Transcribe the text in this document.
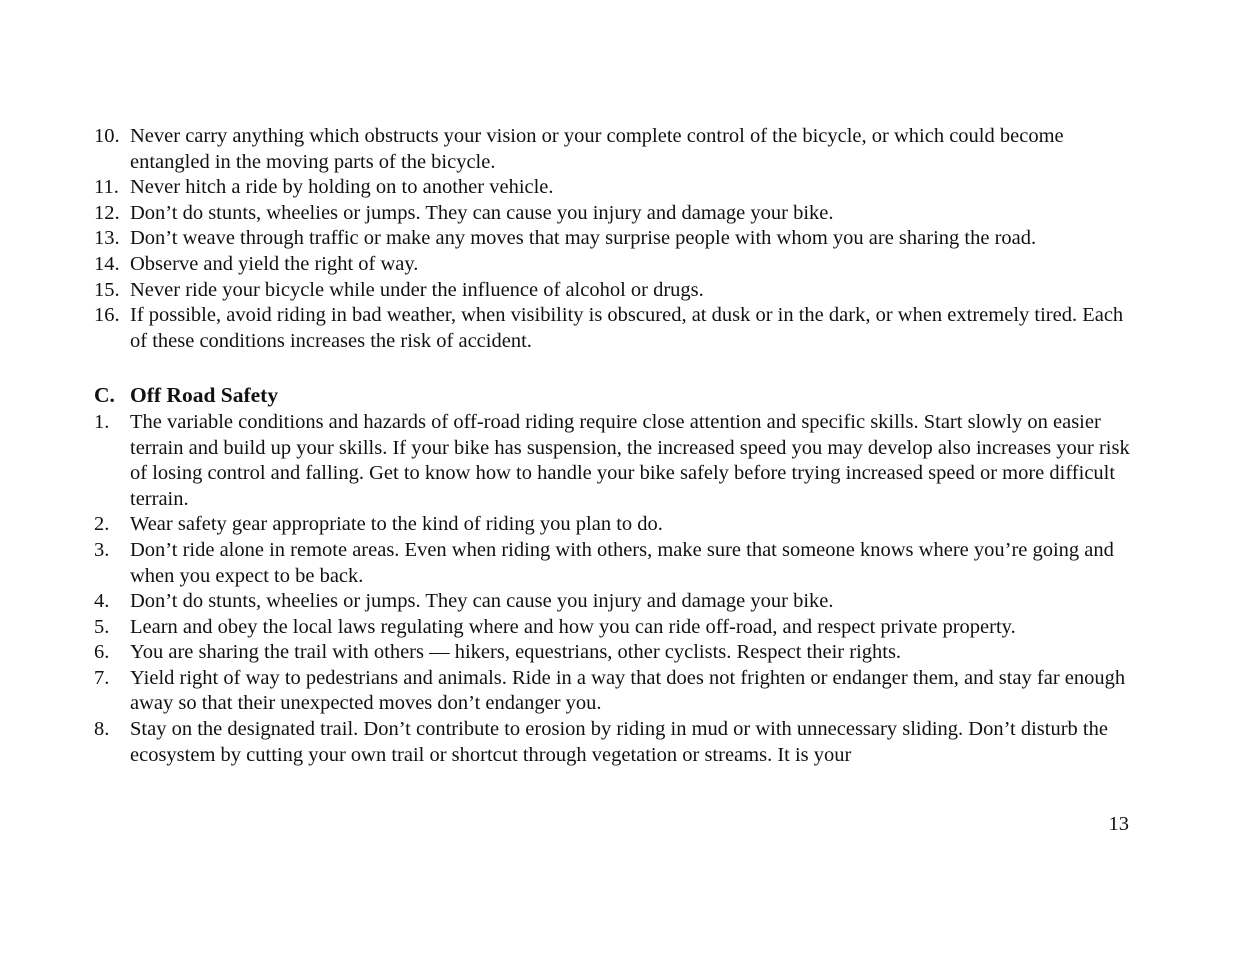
10. Never carry anything which obstructs your vision or your complete control of the bicycle, or which could become entangled in the moving parts of the bicycle.
11. Never hitch a ride by holding on to another vehicle.
12. Don’t do stunts, wheelies or jumps. They can cause you injury and damage your bike.
13. Don’t weave through traffic or make any moves that may surprise people with whom you are sharing the road.
14. Observe and yield the right of way.
15. Never ride your bicycle while under the influence of alcohol or drugs.
16. If possible, avoid riding in bad weather, when visibility is obscured, at dusk or in the dark, or when extremely tired. Each of these conditions increases the risk of accident.
C. Off Road Safety
1. The variable conditions and hazards of off-road riding require close attention and specific skills. Start slowly on easier terrain and build up your skills. If your bike has suspension, the increased speed you may develop also increases your risk of losing control and falling. Get to know how to handle your bike safely before trying increased speed or more difficult terrain.
2. Wear safety gear appropriate to the kind of riding you plan to do.
3. Don’t ride alone in remote areas. Even when riding with others, make sure that someone knows where you’re going and when you expect to be back.
4. Don’t do stunts, wheelies or jumps. They can cause you injury and damage your bike.
5. Learn and obey the local laws regulating where and how you can ride off-road, and respect private property.
6. You are sharing the trail with others — hikers, equestrians, other cyclists. Respect their rights.
7. Yield right of way to pedestrians and animals. Ride in a way that does not frighten or endanger them, and stay far enough away so that their unexpected moves don’t endanger you.
8. Stay on the designated trail. Don’t contribute to erosion by riding in mud or with unnecessary sliding. Don’t disturb the ecosystem by cutting your own trail or shortcut through vegetation or streams. It is your
13
